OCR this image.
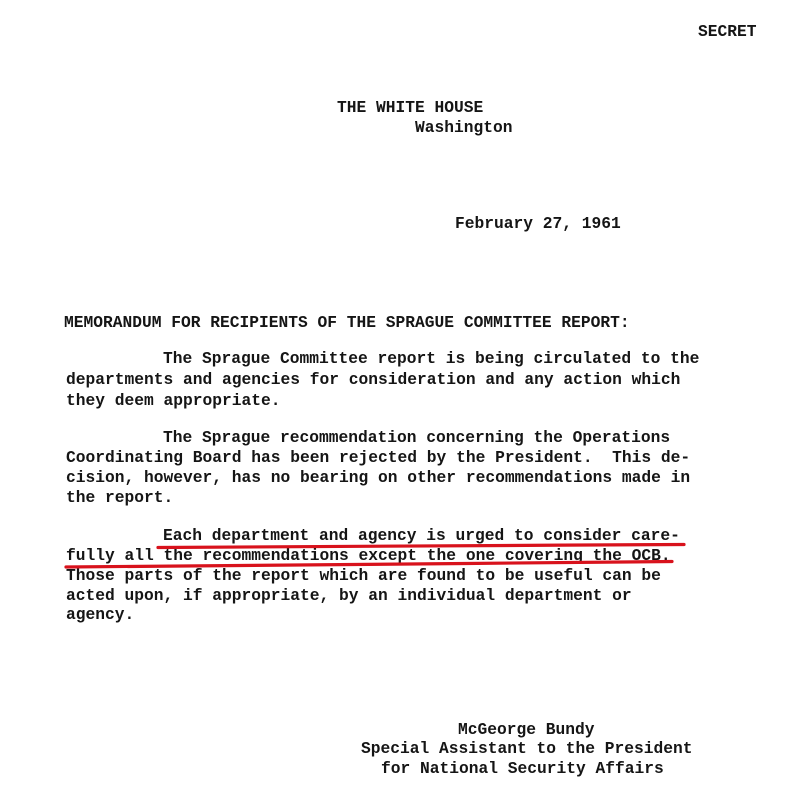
SECRET
THE WHITE HOUSE
Washington
February 27, 1961
MEMORANDUM FOR RECIPIENTS OF THE SPRAGUE COMMITTEE REPORT:
The Sprague Committee report is being circulated to the
departments and agencies for consideration and any action which
they deem appropriate.
The Sprague recommendation concerning the Operations
Coordinating Board has been rejected by the President.  This de-
cision, however, has no bearing on other recommendations made in
the report.
Each department and agency is urged to consider care-
fully all the recommendations except the one covering the OCB.
Those parts of the report which are found to be useful can be
acted upon, if appropriate, by an individual department or
agency.
McGeorge Bundy
Special Assistant to the President
for National Security Affairs
